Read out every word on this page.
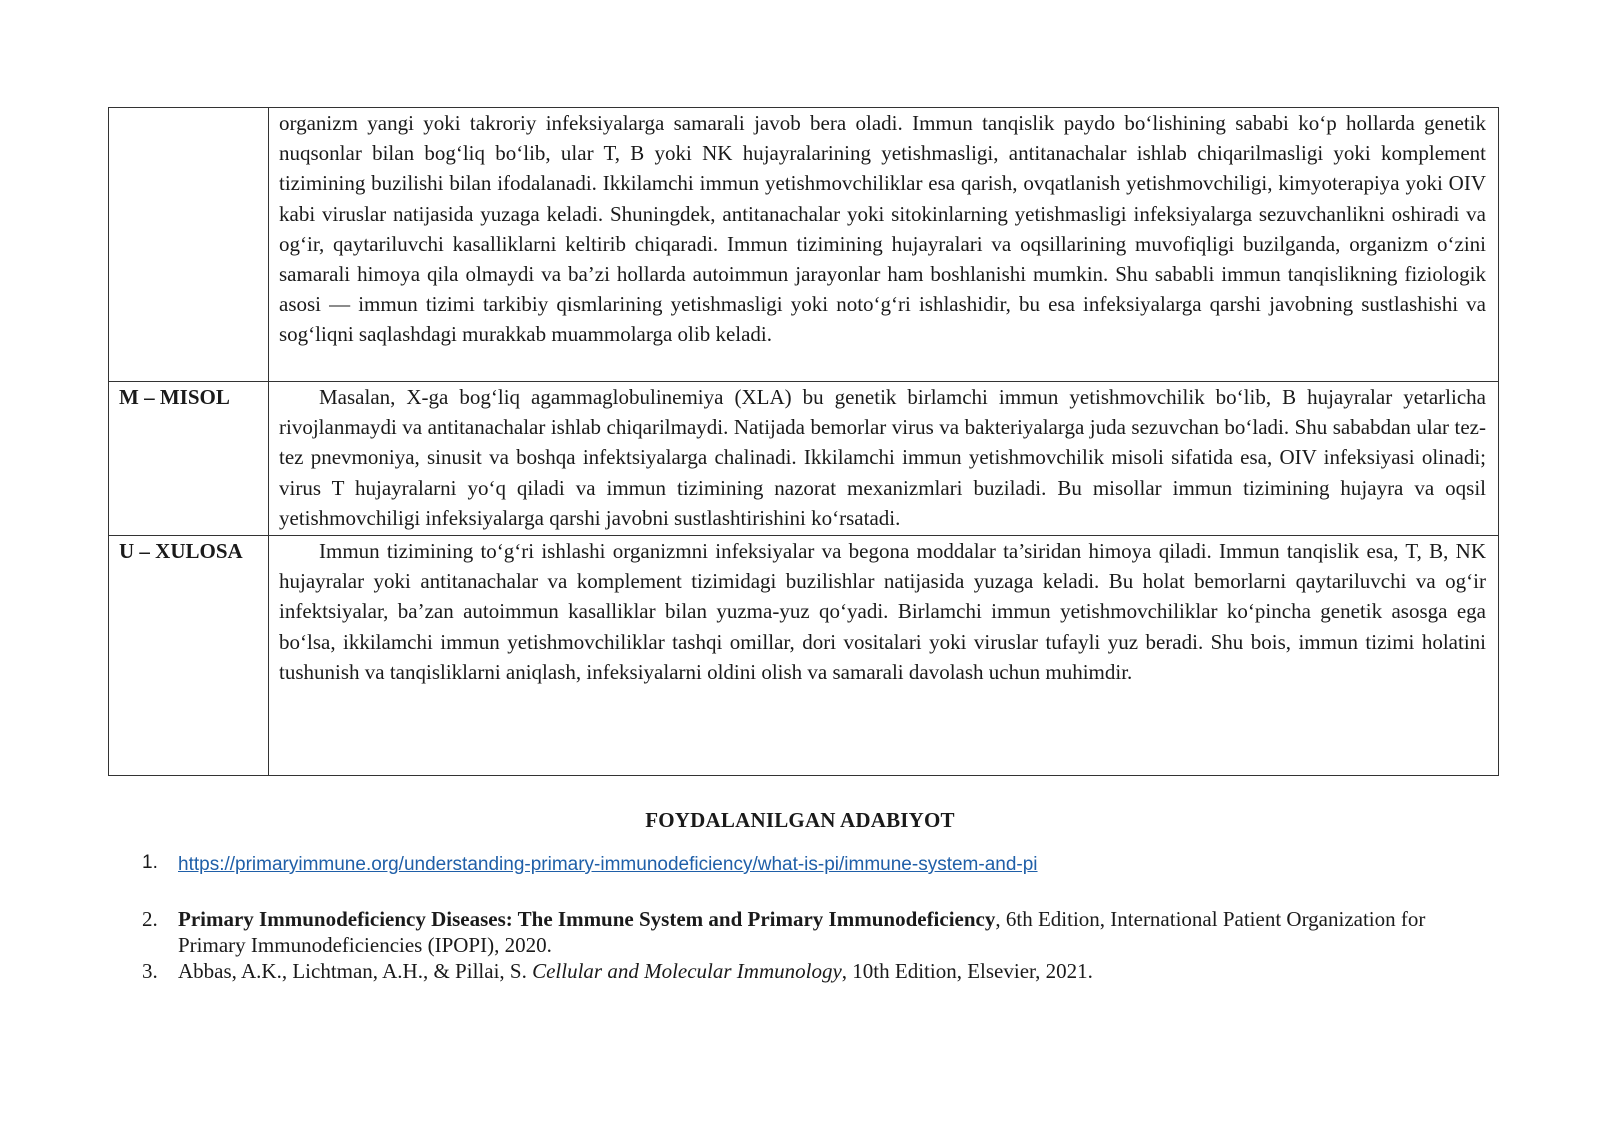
	organizm yangi yoki takroriy infeksiyalarga samarali javob bera oladi. Immun tanqislik paydo bo‘lishining sababi ko‘p hollarda genetik nuqsonlar bilan bog‘liq bo‘lib, ular T, B yoki NK hujayralarining yetishmasligi, antitanachalar ishlab chiqarilmasligi yoki komplement tizimining buzilishi bilan ifodalanadi. Ikkilamchi immun yetishmovchiliklar esa qarish, ovqatlanish yetishmovchiligi, kimyoterapiya yoki OIV kabi viruslar natijasida yuzaga keladi. Shuningdek, antitanachalar yoki sitokinlarning yetishmasligi infeksiyalarga sezuvchanlikni oshiradi va og‘ir, qaytariluvchi kasalliklarni keltirib chiqaradi. Immun tizimining hujayralari va oqsillarining muvofiqligi buzilganda, organizm o‘zini samarali himoya qila olmaydi va ba’zi hollarda autoimmun jarayonlar ham boshlanishi mumkin. Shu sababli immun tanqislikning fiziologik asosi — immun tizimi tarkibiy qismlarining yetishmasligi yoki noto‘g‘ri ishlashidir, bu esa infeksiyalarga qarshi javobning sustlashishi va sog‘liqni saqlashdagi murakkab muammolarga olib keladi.

M – MISOL	Masalan, X-ga bog‘liq agammaglobulinemiya (XLA) bu genetik birlamchi immun yetishmovchilik bo‘lib, B hujayralar yetarlicha rivojlanmaydi va antitanachalar ishlab chiqarilmaydi. Natijada bemorlar virus va bakteriyalarga juda sezuvchan bo‘ladi. Shu sababdan ular tez-tez pnevmoniya, sinusit va boshqa infektsiyalarga chalinadi. Ikkilamchi immun yetishmovchilik misoli sifatida esa, OIV infeksiyasi olinadi; virus T hujayralarni yo‘q qiladi va immun tizimining nazorat mexanizmlari buziladi. Bu misollar immun tizimining hujayra va oqsil yetishmovchiligi infeksiyalarga qarshi javobni sustlashtirishini ko‘rsatadi.

U – XULOSA	Immun tizimining to‘g‘ri ishlashi organizmni infeksiyalar va begona moddalar ta’siridan himoya qiladi. Immun tanqislik esa, T, B, NK hujayralar yoki antitanachalar va komplement tizimidagi buzilishlar natijasida yuzaga keladi. Bu holat bemorlarni qaytariluvchi va og‘ir infektsiyalar, ba’zan autoimmun kasalliklar bilan yuzma-yuz qo‘yadi. Birlamchi immun yetishmovchiliklar ko‘pincha genetik asosga ega bo‘lsa, ikkilamchi immun yetishmovchiliklar tashqi omillar, dori vositalari yoki viruslar tufayli yuz beradi. Shu bois, immun tizimi holatini tushunish va tanqisliklarni aniqlash, infeksiyalarni oldini olish va samarali davolash uchun muhimdir.

FOYDALANILGAN ADABIYOT
1. https://primaryimmune.org/understanding-primary-immunodeficiency/what-is-pi/immune-system-and-pi
2. Primary Immunodeficiency Diseases: The Immune System and Primary Immunodeficiency, 6th Edition, International Patient Organization for Primary Immunodeficiencies (IPOPI), 2020.
3. Abbas, A.K., Lichtman, A.H., & Pillai, S. Cellular and Molecular Immunology, 10th Edition, Elsevier, 2021.
